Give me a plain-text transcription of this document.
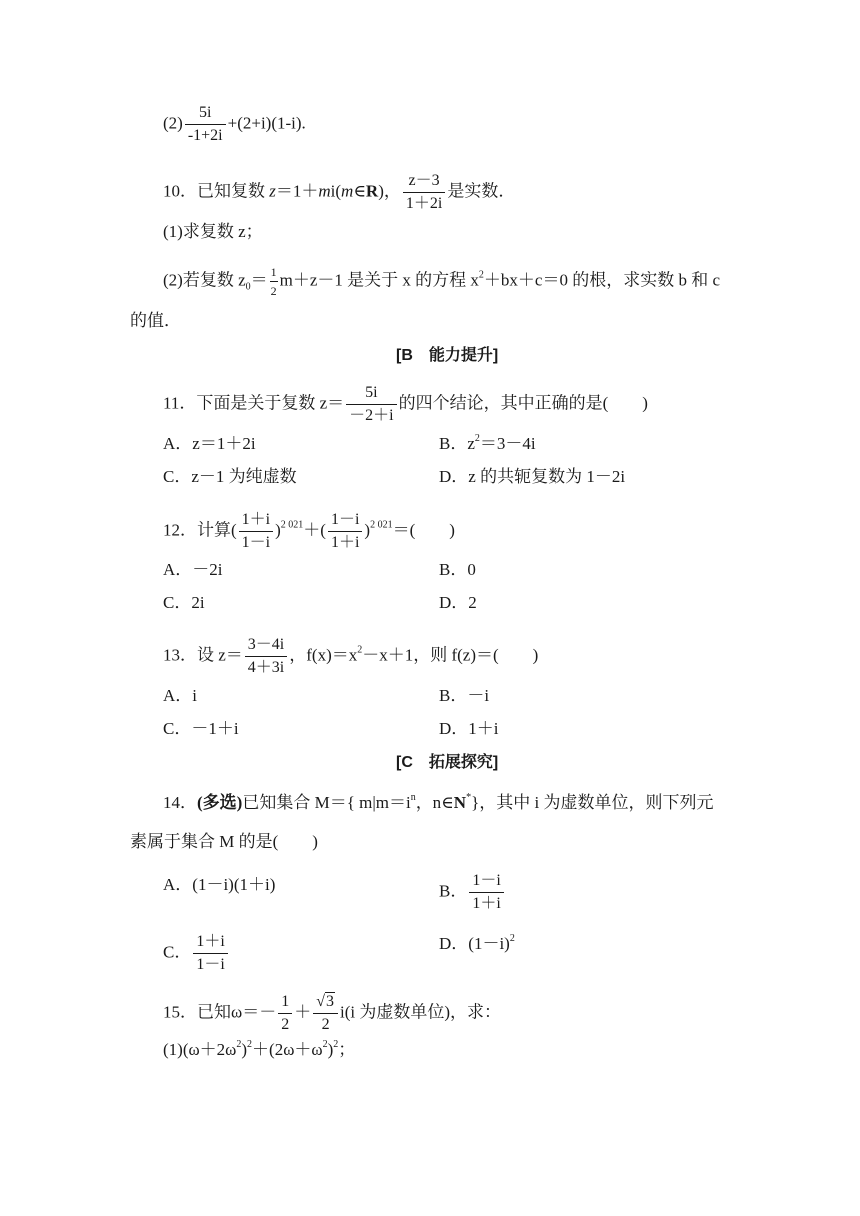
$(2) \frac{5i}{-1+2i} +(2+i)(1-i)$.
10．已知复数 z＝1＋mi(m∈R)， $\frac{z-3}{1+2i}$ 是实数．
(1)求复数 z；
(2)若复数 $z_0= \frac{1}{2} m+z-1$ 是关于 x 的方程 $x^2+bx+c=0$ 的根，求实数 b 和 c
的值．
[B　能力提升]
11．下面是关于复数 $z= \frac{5i}{-2+i}$ 的四个结论，其中正确的是(　　)
A．z＝1＋2i	B．$z^2=3-4i$
C．z－1 为纯虚数	D．z 的共轭复数为 1－2i
12．计算( $\frac{1+i}{1-i} )^{2 021}+( \frac{1-i}{1+i} )^{2 021}=$(　　)
A．－2i	B．0
C．2i	D．2
13．设 $z= \frac{3-4i}{4+3i}$ ，$f(x)=x^2-x+1$，则 f(z)＝(　　)
A．i	B．－i
C．－1＋i	D．1＋i
[C　拓展探究]
14．(多选)已知集合 M＝{ $m|m=i^n$，n∈N*}，其中 i 为虚数单位，则下列元
素属于集合 M 的是(　　)
A．(1－i)(1＋i)	B． $\frac{1-i}{1+i}$
C． $\frac{1+i}{1-i}$	D．$(1-i)^2$
15．已知$\omega=- \frac{1}{2} + \frac{√3}{2} i(i$ 为虚数单位)，求：
$(1)(\omega+2\omega^2)^2+(2\omega+\omega^2)^2$；
